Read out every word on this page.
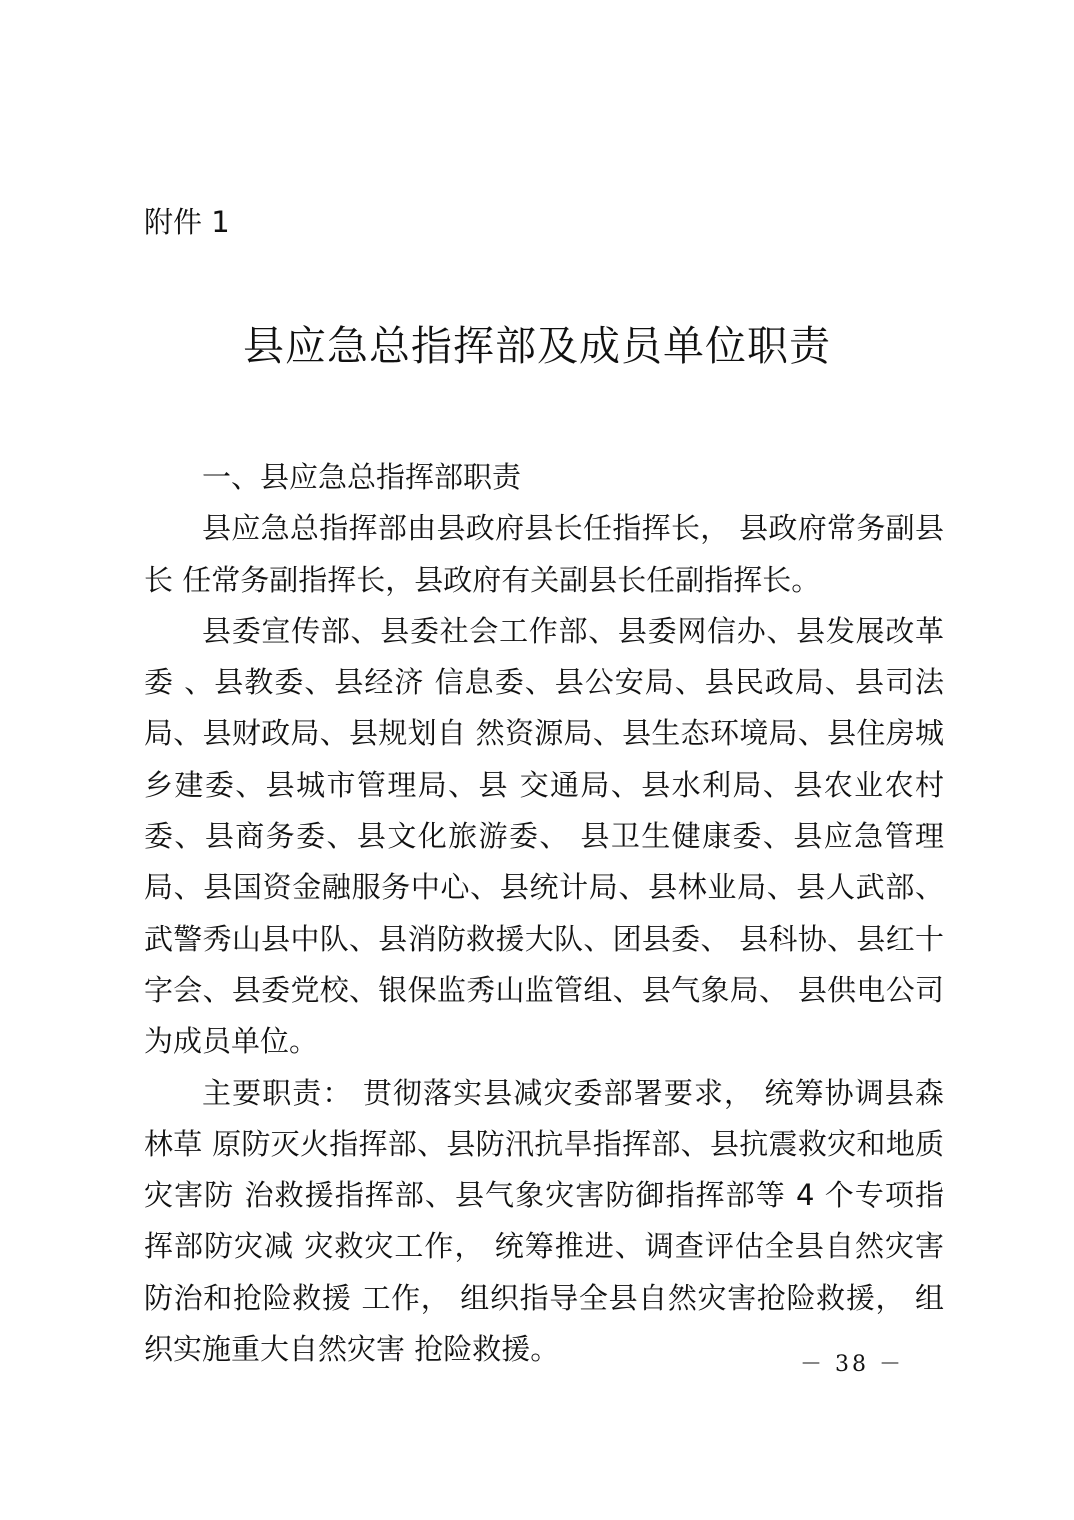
附件 1
县应急总指挥部及成员单位职责

一、县应急总指挥部职责

县应急总指挥部由县政府县长任指挥长， 县政府常务副县长 任常务副指挥长，县政府有关副县长任副指挥长。

县委宣传部、县委社会工作部、县委网信办、县发展改革委 、县教委、县经济 信息委、县公安局、县民政局、县司法局、县财政局、县规划自 然资源局、县生态环境局、县住房城乡建委、县城市管理局、县 交通局、县水利局、县农业农村委、县商务委、县文化旅游委、 县卫生健康委、县应急管理局、县国资金融服务中心、县统计局、县林业局、县人武部、武警秀山县中队、县消防救援大队、团县委、 县科协、县红十字会、县委党校、银保监秀山监管组、县气象局、 县供电公司为成员单位。

主要职责： 贯彻落实县减灾委部署要求， 统筹协调县森林草 原防灭火指挥部、县防汛抗旱指挥部、县抗震救灾和地质灾害防 治救援指挥部、县气象灾害防御指挥部等 4 个专项指挥部防灾减 灾救灾工作， 统筹推进、调查评估全县自然灾害防治和抢险救援 工作， 组织指导全县自然灾害抢险救援， 组织实施重大自然灾害 抢险救援。	－ 38 －
